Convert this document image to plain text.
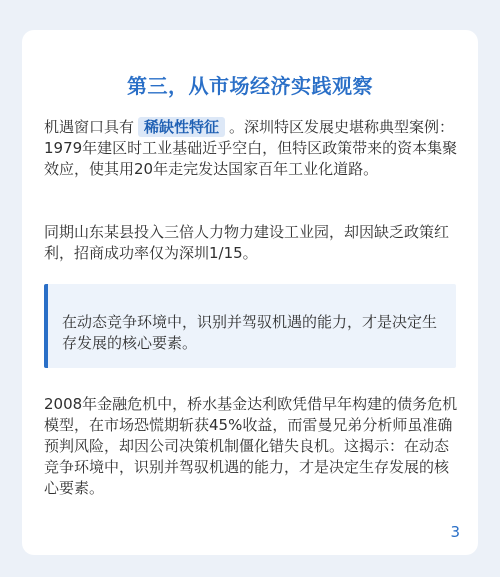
第三，从市场经济实践观察
机遇窗口具有 稀缺性特征 。深圳特区发展史堪称典型案例：1979年建区时工业基础近乎空白，但特区政策带来的资本集聚效应，使其用20年走完发达国家百年工业化道路。
同期山东某县投入三倍人力物力建设工业园，却因缺乏政策红利，招商成功率仅为深圳1/15。
在动态竞争环境中，识别并驾驭机遇的能力，才是决定生存发展的核心要素。
2008年金融危机中，桥水基金达利欧凭借早年构建的债务危机模型，在市场恐慌期斩获45%收益，而雷曼兄弟分析师虽准确预判风险，却因公司决策机制僵化错失良机。这揭示：在动态竞争环境中，识别并驾驭机遇的能力，才是决定生存发展的核心要素。
3
